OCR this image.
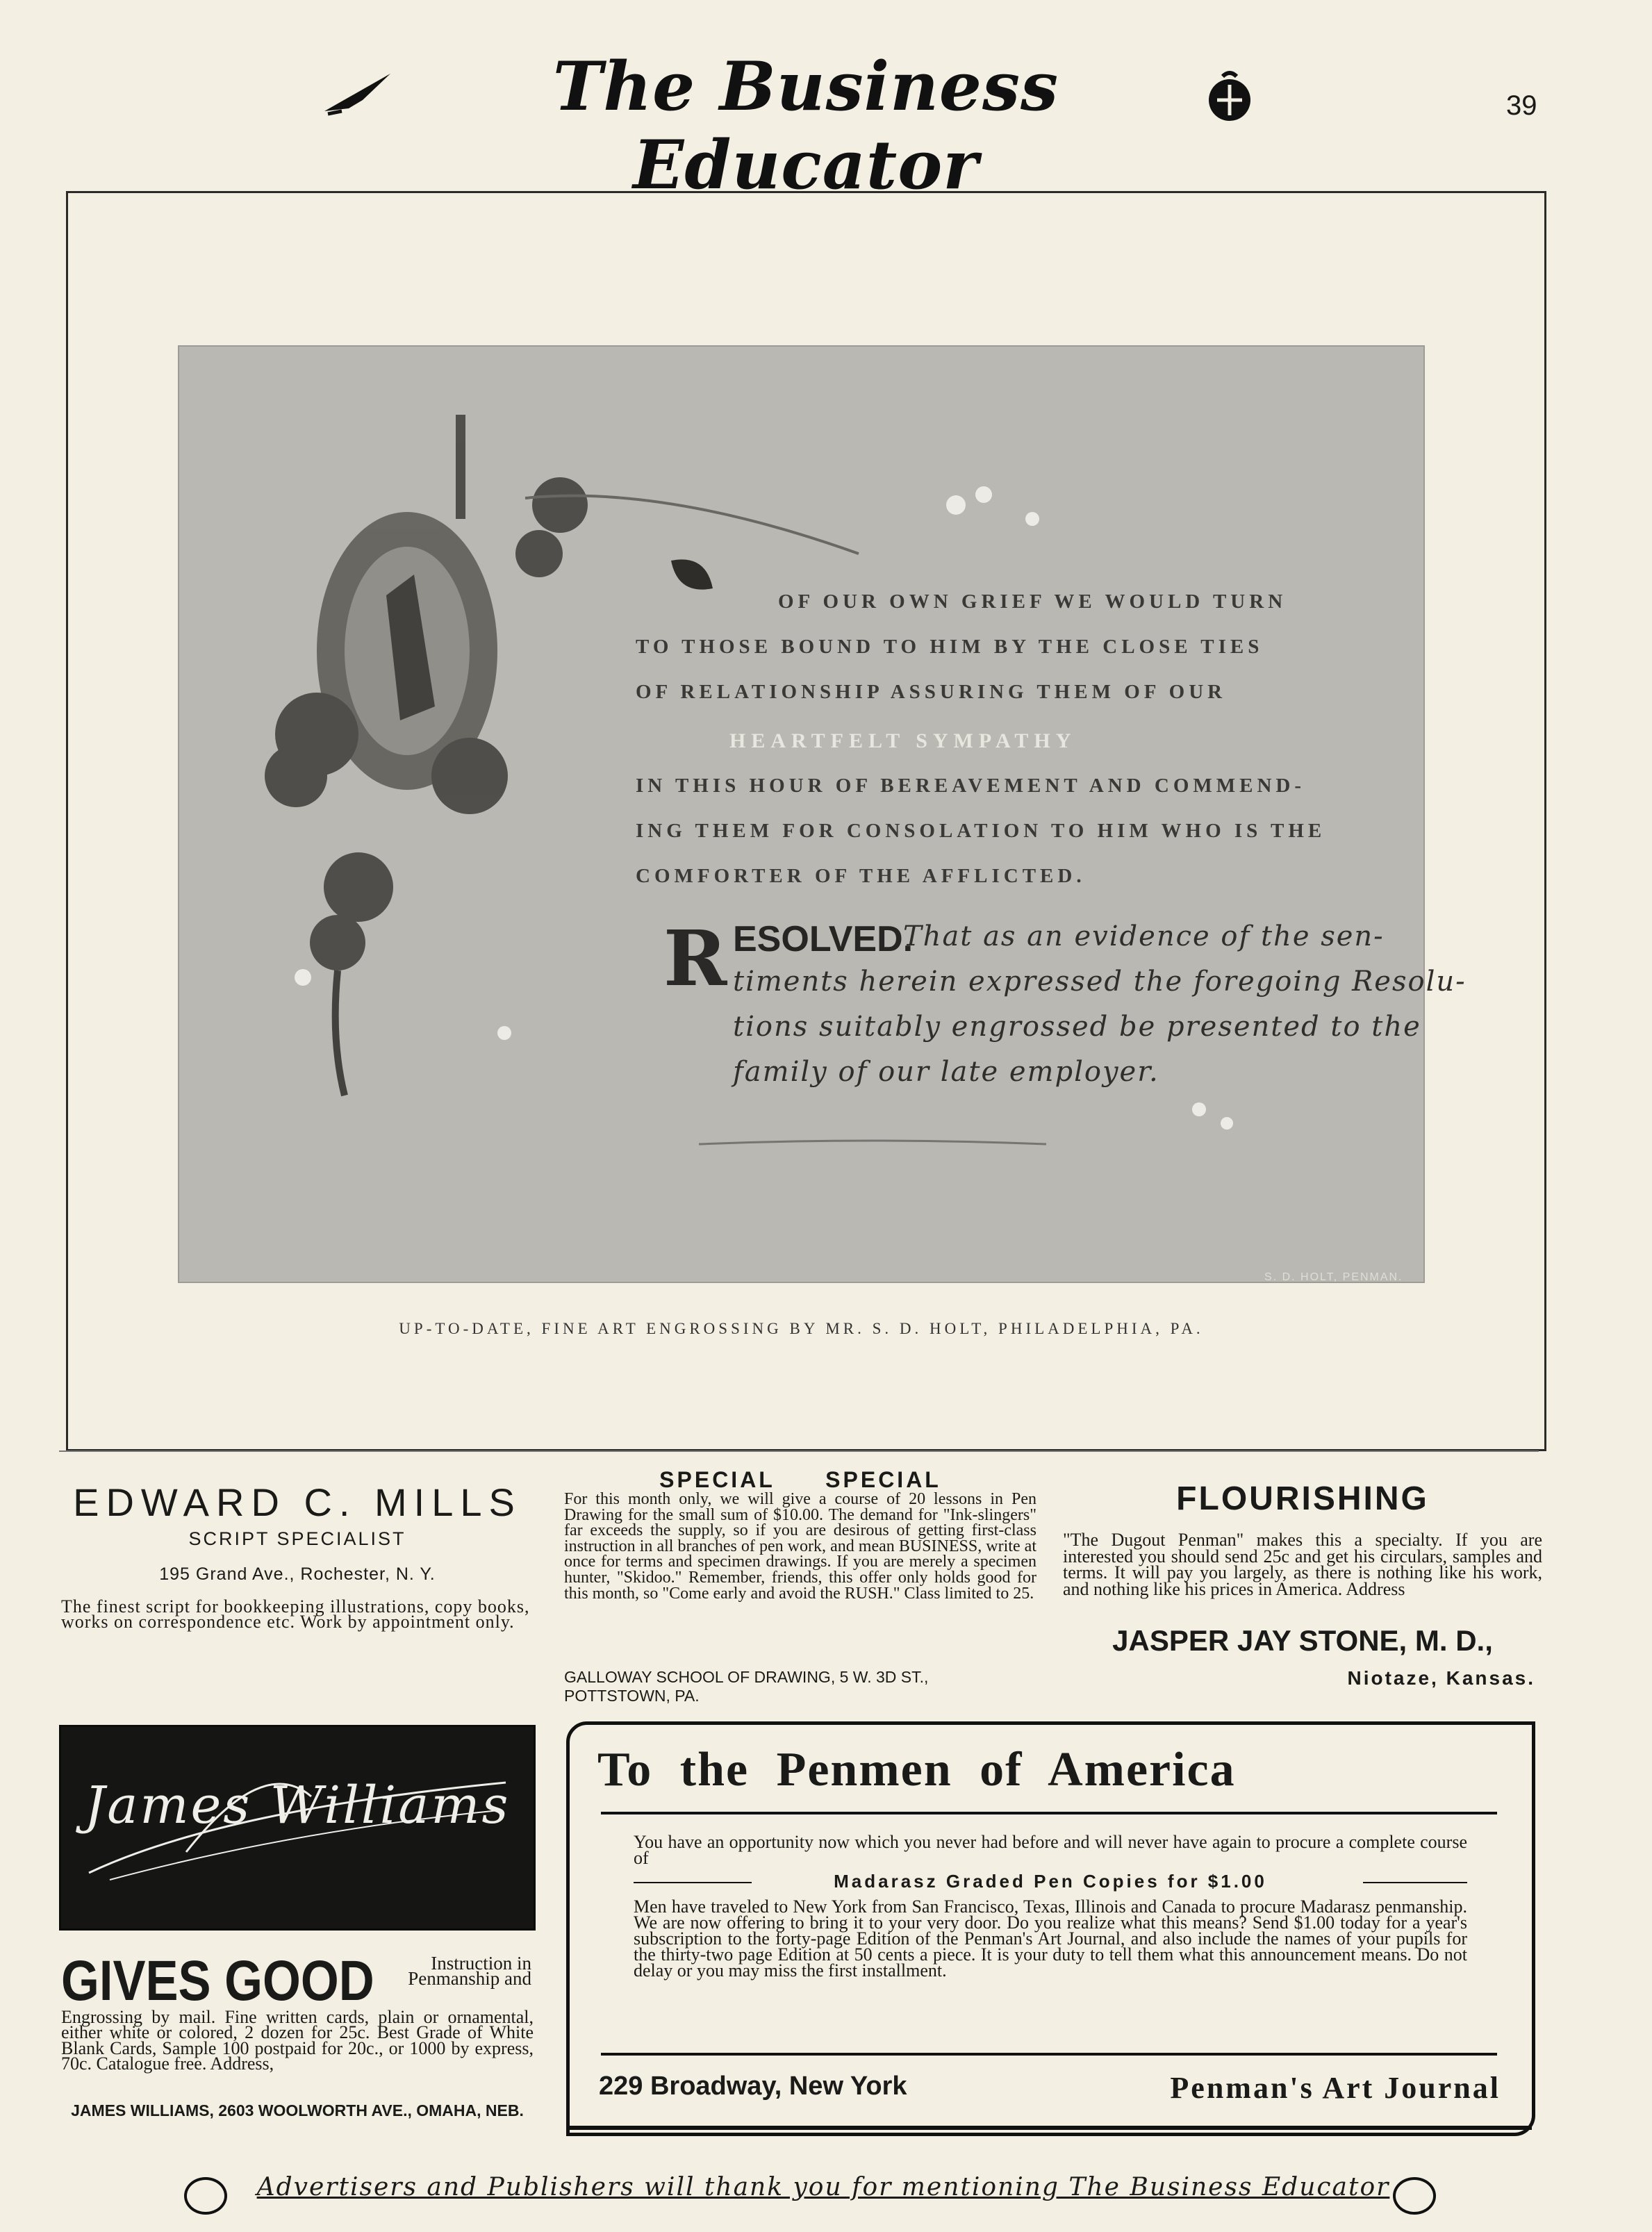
The Business Educator
39
OF OUR OWN GRIEF WE WOULD TURN
TO THOSE BOUND TO HIM BY THE CLOSE TIES
OF RELATIONSHIP ASSURING THEM OF OUR
HEARTFELT SYMPATHY
IN THIS HOUR OF BEREAVEMENT AND COMMEND-
ING THEM FOR CONSOLATION TO HIM WHO IS THE
COMFORTER OF THE AFFLICTED.
R ESOLVED.
That as an evidence of the sen-
timents herein expressed the foregoing Resolu-
tions suitably engrossed be presented to the
family of our late employer.
S. D. HOLT, PENMAN.
UP-TO-DATE, FINE ART ENGROSSING BY MR. S. D. HOLT, PHILADELPHIA, PA.
EDWARD C. MILLS
SCRIPT SPECIALIST
195 Grand Ave., Rochester, N. Y.
The finest script for bookkeeping illustrations, copy books, works on correspondence etc. Work by appointment only.
SPECIAL SPECIAL
For this month only, we will give a course of 20 lessons in Pen Drawing for the small sum of $10.00. The demand for "Ink-slingers" far exceeds the supply, so if you are desirous of getting first-class instruction in all branches of pen work, and mean BUSINESS, write at once for terms and specimen drawings. If you are merely a specimen hunter, "Skidoo." Remember, friends, this offer only holds good for this month, so "Come early and avoid the RUSH." Class limited to 25.
GALLOWAY SCHOOL OF DRAWING, 5 W. 3D ST., POTTSTOWN, PA.
FLOURISHING
"The Dugout Penman" makes this a specialty. If you are interested you should send 25c and get his circulars, samples and terms. It will pay you largely, as there is nothing like his work, and nothing like his prices in America. Address
JASPER JAY STONE, M. D.,
Niotaze, Kansas.
James Williams
GIVES GOOD	Instruction in Penmanship and
Engrossing by mail. Fine written cards, plain or ornamental, either white or colored, 2 dozen for 25c. Best Grade of White Blank Cards, Sample 100 postpaid for 20c., or 1000 by express, 70c. Catalogue free. Address,
JAMES WILLIAMS, 2603 WOOLWORTH AVE., OMAHA, NEB.
To the Penmen of America
You have an opportunity now which you never had before and will never have again to procure a complete course of
Madarasz Graded Pen Copies for $1.00
Men have traveled to New York from San Francisco, Texas, Illinois and Canada to procure Madarasz penmanship. We are now offering to bring it to your very door. Do you realize what this means? Send $1.00 today for a year's subscription to the forty-page Edition of the Penman's Art Journal, and also include the names of your pupils for the thirty-two page Edition at 50 cents a piece. It is your duty to tell them what this announcement means. Do not delay or you may miss the first installment.
229 Broadway, New York	Penman's Art Journal
Advertisers and Publishers will thank you for mentioning The Business Educator
